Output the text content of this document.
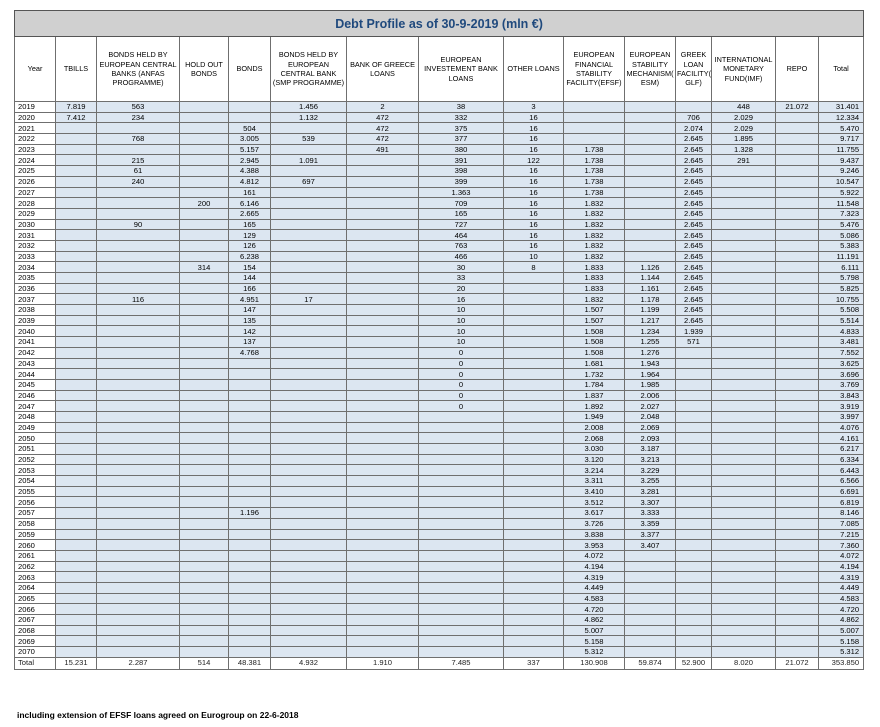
Debt Profile as of 30-9-2019 (mln €)														
Year	TBILLS	BONDS HELD BY EUROPEAN CENTRAL BANKS (ANFAS PROGRAMME)	HOLD OUT BONDS	BONDS	BONDS HELD BY EUROPEAN CENTRAL BANK (SMP PROGRAMME)	BANK OF GREECE LOANS	EUROPEAN INVESTEMENT BANK LOANS	OTHER LOANS	EUROPEAN FINANCIAL STABILITY FACILITY(EFSF)	EUROPEAN STABILITY MECHANISM( ESM)	GREEK LOAN FACILITY( GLF)	INTERNATIONAL MONETARY FUND(IMF)	REPO	Total
2019	7.819	563			1.456	2	38	3				448	21.072	31.401
2020	7.412	234			1.132	472	332	16			706	2.029		12.334
2021				504		472	375	16			2.074	2.029		5.470
2022		768		3.005	539	472	377	16			2.645	1.895		9.717
2023				5.157		491	380	16	1.738		2.645	1.328		11.755
2024		215		2.945	1.091		391	122	1.738		2.645	291		9.437
2025		61		4.388			398	16	1.738		2.645			9.246
2026		240		4.812	697		399	16	1.738		2.645			10.547
2027				161			1.363	16	1.738		2.645			5.922
2028			200	6.146			709	16	1.832		2.645			11.548
2029				2.665			165	16	1.832		2.645			7.323
2030		90		165			727	16	1.832		2.645			5.476
2031				129			464	16	1.832		2.645			5.086
2032				126			763	16	1.832		2.645			5.383
2033				6.238			466	10	1.832		2.645			11.191
2034			314	154			30	8	1.833	1.126	2.645			6.111
2035				144			33		1.833	1.144	2.645			5.798
2036				166			20		1.833	1.161	2.645			5.825
2037		116		4.951	17		16		1.832	1.178	2.645			10.755
2038				147			10		1.507	1.199	2.645			5.508
2039				135			10		1.507	1.217	2.645			5.514
2040				142			10		1.508	1.234	1.939			4.833
2041				137			10		1.508	1.255	571			3.481
2042				4.768			0		1.508	1.276				7.552
2043							0		1.681	1.943				3.625
2044							0		1.732	1.964				3.696
2045							0		1.784	1.985				3.769
2046							0		1.837	2.006				3.843
2047							0		1.892	2.027				3.919
2048									1.949	2.048				3.997
2049									2.008	2.069				4.076
2050									2.068	2.093				4.161
2051									3.030	3.187				6.217
2052									3.120	3.213				6.334
2053									3.214	3.229				6.443
2054									3.311	3.255				6.566
2055									3.410	3.281				6.691
2056									3.512	3.307				6.819
2057				1.196					3.617	3.333				8.146
2058									3.726	3.359				7.085
2059									3.838	3.377				7.215
2060									3.953	3.407				7.360
2061									4.072					4.072
2062									4.194					4.194
2063									4.319					4.319
2064									4.449					4.449
2065									4.583					4.583
2066									4.720					4.720
2067									4.862					4.862
2068									5.007					5.007
2069									5.158					5.158
2070									5.312					5.312
Total	15.231	2.287	514	48.381	4.932	1.910	7.485	337	130.908	59.874	52.900	8.020	21.072	353.850
including extension of EFSF loans agreed on Eurogroup on 22-6-2018
